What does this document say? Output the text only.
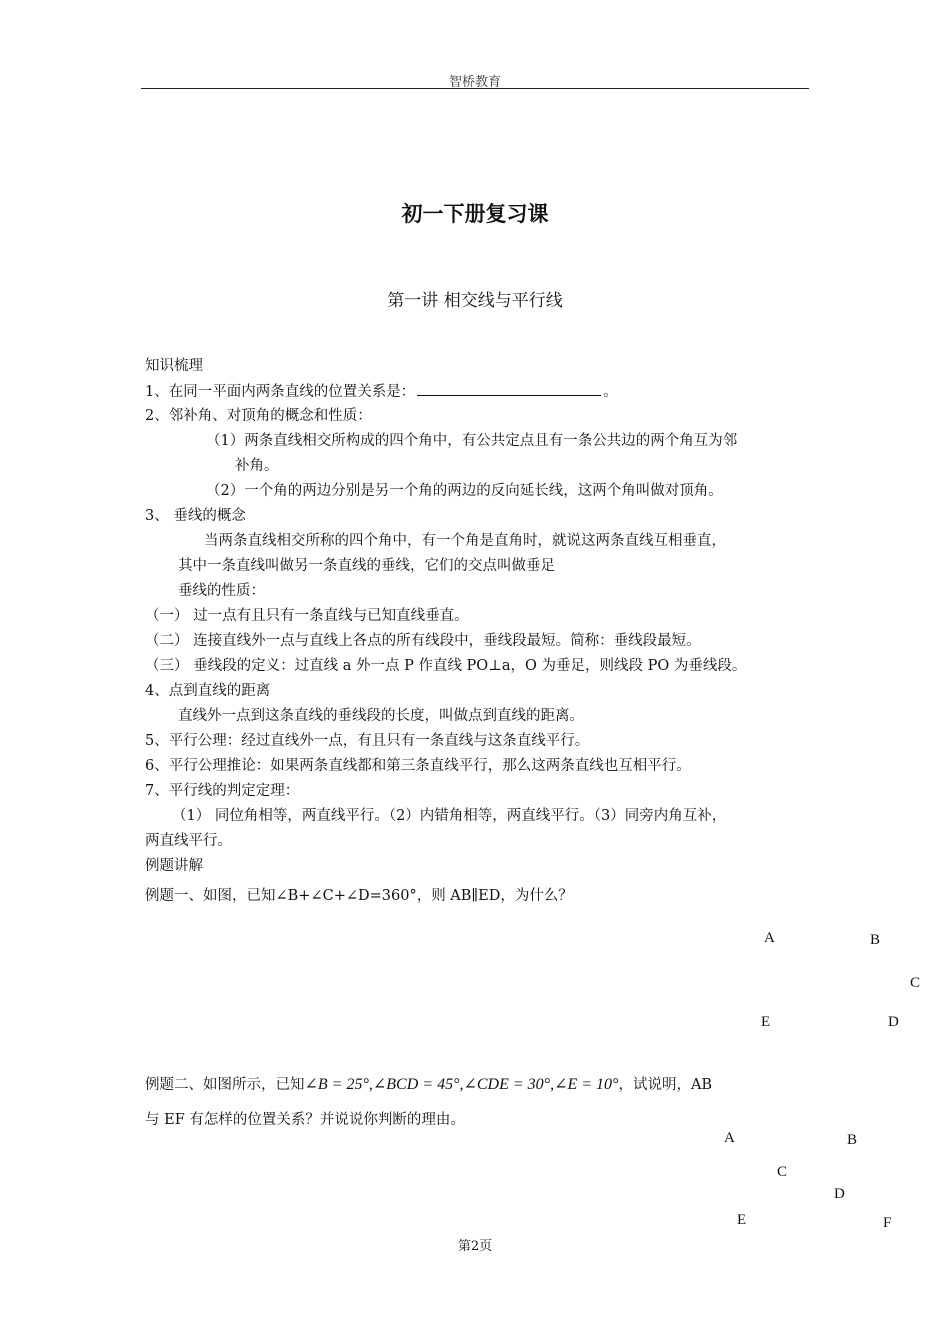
智桥教育
初一下册复习课
第一讲 相交线与平行线
知识梳理
1、在同一平面内两条直线的位置关系是：	。
2、邻补角、对顶角的概念和性质：
（1）两条直线相交所构成的四个角中，有公共定点且有一条公共边的两个角互为邻
补角。
（2）一个角的两边分别是另一个角的两边的反向延长线，这两个角叫做对顶角。
3、 垂线的概念
当两条直线相交所称的四个角中，有一个角是直角时，就说这两条直线互相垂直，
其中一条直线叫做另一条直线的垂线，它们的交点叫做垂足
垂线的性质：
（一） 过一点有且只有一条直线与已知直线垂直。
（二） 连接直线外一点与直线上各点的所有线段中，垂线段最短。简称：垂线段最短。
（三） 垂线段的定义：过直线 a 外一点 P 作直线 PO⊥a，O 为垂足，则线段 PO 为垂线段。
4、点到直线的距离
直线外一点到这条直线的垂线段的长度，叫做点到直线的距离。
5、平行公理：经过直线外一点，有且只有一条直线与这条直线平行。
6、平行公理推论：如果两条直线都和第三条直线平行，那么这两条直线也互相平行。
7、平行线的判定定理：
（1） 同位角相等，两直线平行。（2）内错角相等，两直线平行。（3）同旁内角互补，
两直线平行。
例题讲解
例题一、如图，已知∠B+∠C+∠D=360°，则 AB∥ED，为什么？
A	B
C
E	D
例题二、如图所示，已知∠B = 25°,∠BCD = 45°,∠CDE = 30°,∠E = 10°，试说明，AB
与 EF 有怎样的位置关系？并说说你判断的理由。
A	B
C
D
E	F
第2页
